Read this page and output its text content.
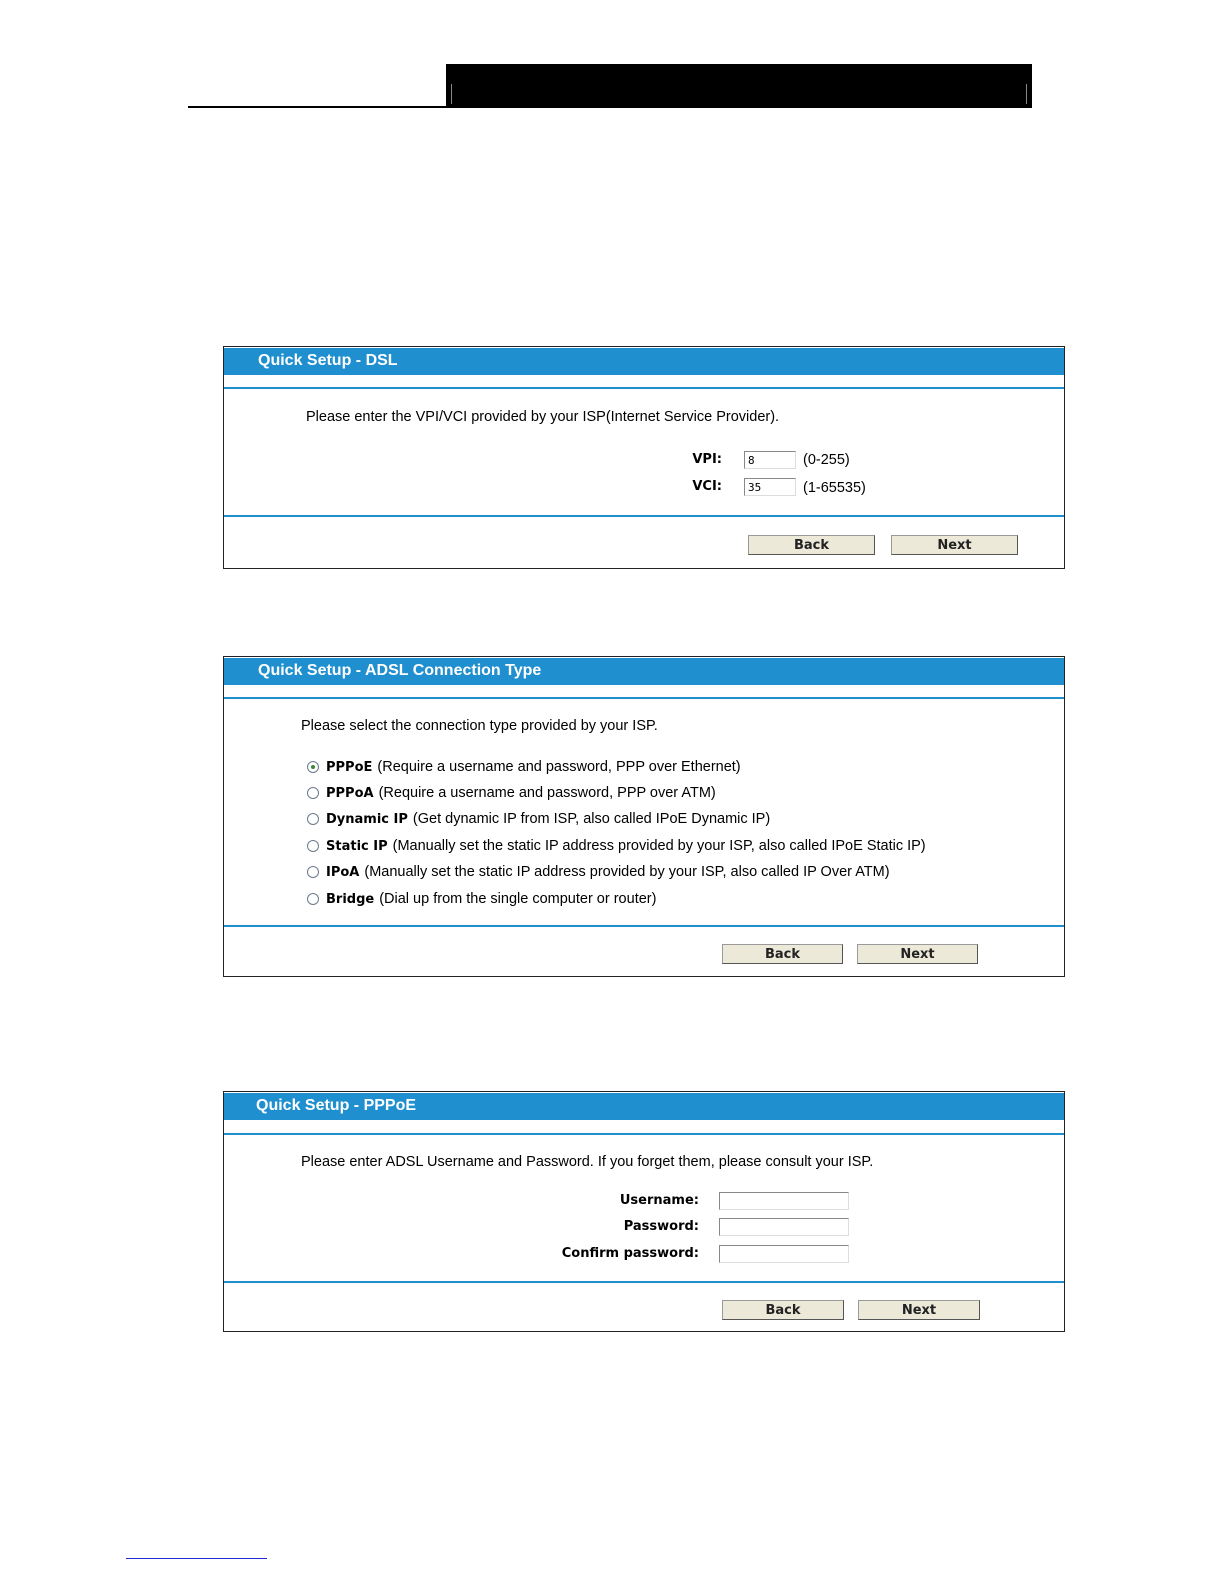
Quick Setup - DSL
Please enter the VPI/VCI provided by your ISP(Internet Service Provider).
VPI:
8	(0-255)
VCI:
35	(1-65535)
Back	Next
Quick Setup - ADSL Connection Type
Please select the connection type provided by your ISP.
PPPoE (Require a username and password, PPP over Ethernet)
PPPoA (Require a username and password, PPP over ATM)
Dynamic IP (Get dynamic IP from ISP, also called IPoE Dynamic IP)
Static IP (Manually set the static IP address provided by your ISP, also called IPoE Static IP)
IPoA (Manually set the static IP address provided by your ISP, also called IP Over ATM)
Bridge (Dial up from the single computer or router)
Back	Next
Quick Setup - PPPoE
Please enter ADSL Username and Password. If you forget them, please consult your ISP.
Username:
Password:
Confirm password:
Back	Next
